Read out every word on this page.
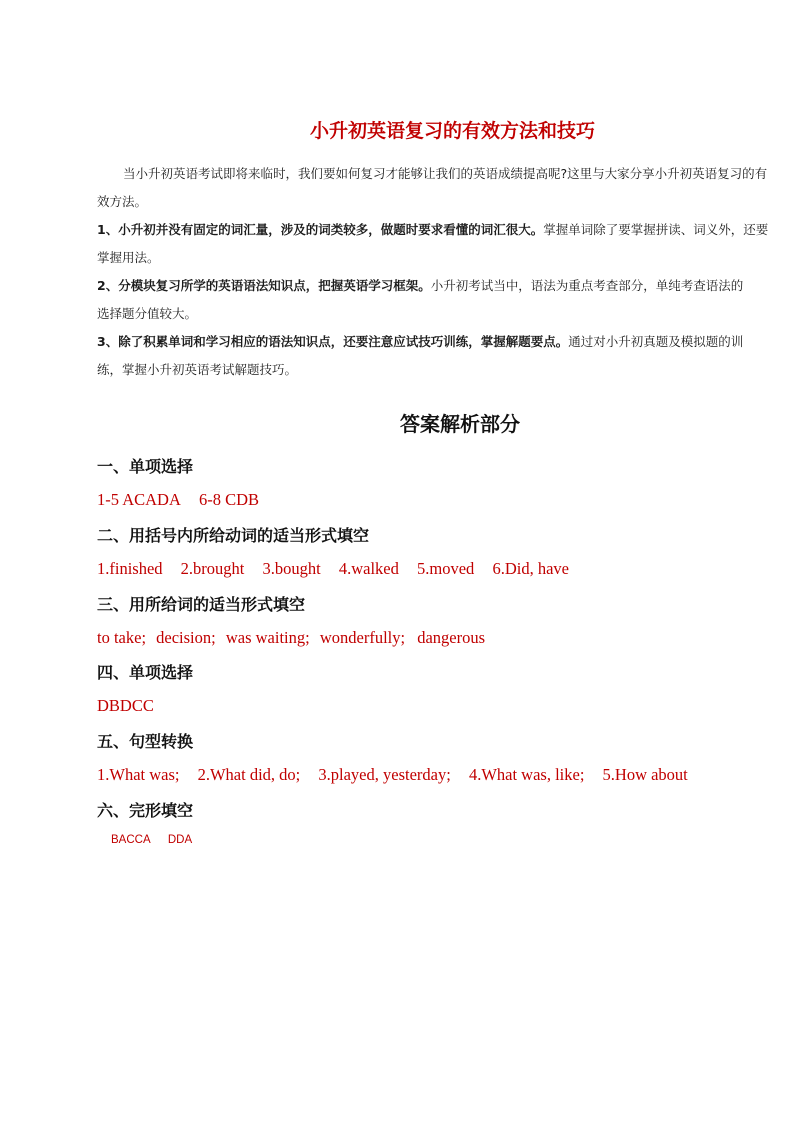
小升初英语复习的有效方法和技巧

当小升初英语考试即将来临时，我们要如何复习才能够让我们的英语成绩提高呢?这里与大家分享小升初英语复习的有

效方法。

1、小升初并没有固定的词汇量，涉及的词类较多，做题时要求看懂的词汇很大。掌握单词除了要掌握拼读、词义外，还要

掌握用法。

2、分模块复习所学的英语语法知识点，把握英语学习框架。小升初考试当中，语法为重点考查部分，单纯考查语法的

选择题分值较大。

3、除了积累单词和学习相应的语法知识点，还要注意应试技巧训练，掌握解题要点。通过对小升初真题及模拟题的训

练，掌握小升初英语考试解题技巧。

答案解析部分
一、单项选择
1-5 ACADA 6-8 CDB
二、用括号内所给动词的适当形式填空
1.finished 2.brought 3.bought 4.walked 5.moved 6.Did, have
三、用所给词的适当形式填空
to take; decision; was waiting; wonderfully; dangerous
四、单项选择
DBDCC
五、句型转换
1.What was; 2.What did, do; 3.played, yesterday; 4.What was, like; 5.How about
六、完形填空
BACCA DDA
